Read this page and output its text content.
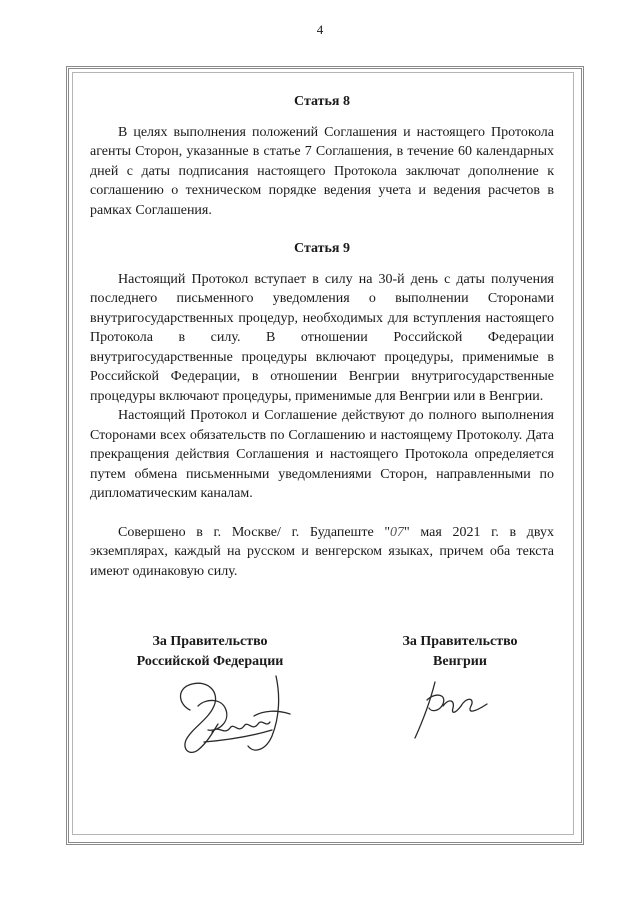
4
Статья 8

В целях выполнения положений Соглашения и настоящего Протокола агенты Сторон, указанные в статье 7 Соглашения, в течение 60 календарных дней с даты подписания настоящего Протокола заключат дополнение к соглашению о техническом порядке ведения учета и ведения расчетов в рамках Соглашения.

Статья 9

Настоящий Протокол вступает в силу на 30-й день с даты получения последнего письменного уведомления о выполнении Сторонами внутригосударственных процедур, необходимых для вступления настоящего Протокола в силу. В отношении Российской Федерации внутригосударственные процедуры включают процедуры, применимые в Российской Федерации, в отношении Венгрии внутригосударственные процедуры включают процедуры, применимые для Венгрии или в Венгрии.

Настоящий Протокол и Соглашение действуют до полного выполнения Сторонами всех обязательств по Соглашению и настоящему Протоколу. Дата прекращения действия Соглашения и настоящего Протокола определяется путем обмена письменными уведомлениями Сторон, направленными по дипломатическим каналам.

Совершено в г. Москве/ г. Будапеште "07" мая 2021 г. в двух экземплярах, каждый на русском и венгерском языках, причем оба текста имеют одинаковую силу.

За Правительство
Российской Федерации
За Правительство
Венгрии
